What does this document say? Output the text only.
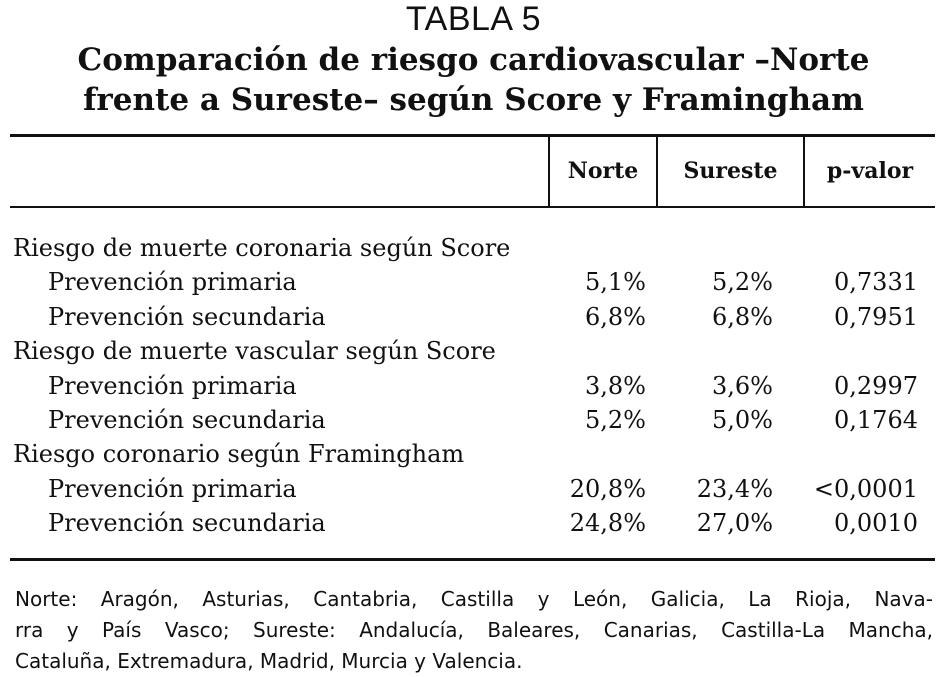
TABLA 5
Comparación de riesgo cardiovascular –Norte
frente a Sureste– según Score y Framingham
Norte	Sureste	p-valor
Riesgo de muerte coronaria según Score
Prevención primaria	5,1%	5,2%	0,7331
Prevención secundaria	6,8%	6,8%	0,7951
Riesgo de muerte vascular según Score
Prevención primaria	3,8%	3,6%	0,2997
Prevención secundaria	5,2%	5,0%	0,1764
Riesgo coronario según Framingham
Prevención primaria	20,8%	23,4%	<0,0001
Prevención secundaria	24,8%	27,0%	0,0010
Norte: Aragón, Asturias, Cantabria, Castilla y León, Galicia, La Rioja, Nava-
rra y País Vasco; Sureste: Andalucía, Baleares, Canarias, Castilla-La Mancha,
Cataluña, Extremadura, Madrid, Murcia y Valencia.
